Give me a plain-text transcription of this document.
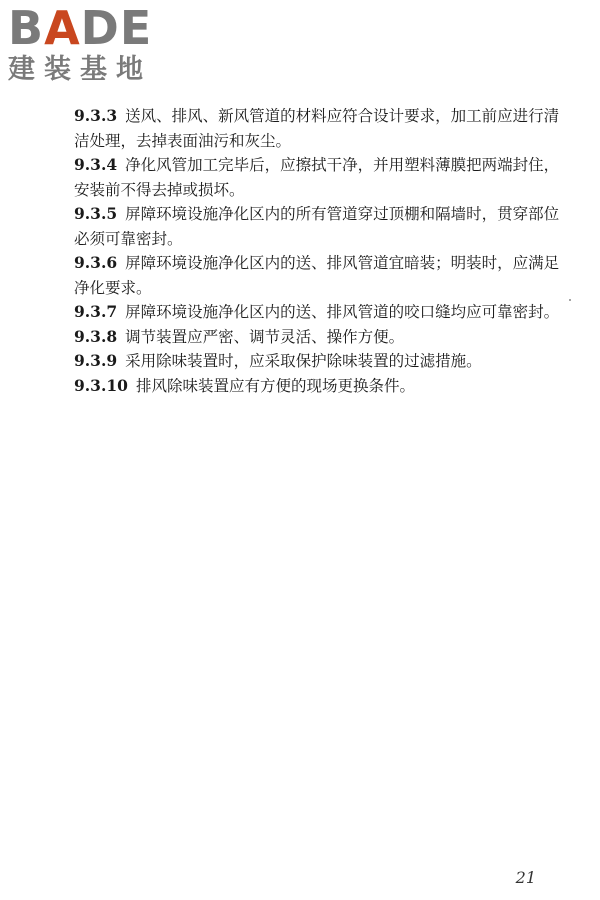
BADE
建装基地

9.3.3 送风、排风、新风管道的材料应符合设计要求，加工前应进行清洁处理，去掉表面油污和灰尘。

9.3.4 净化风管加工完毕后，应擦拭干净，并用塑料薄膜把两端封住，安装前不得去掉或损坏。

9.3.5 屏障环境设施净化区内的所有管道穿过顶棚和隔墙时，贯穿部位必须可靠密封。

9.3.6 屏障环境设施净化区内的送、排风管道宜暗装；明装时，应满足净化要求。

9.3.7 屏障环境设施净化区内的送、排风管道的咬口缝均应可靠密封。

9.3.8 调节装置应严密、调节灵活、操作方便。

9.3.9 采用除味装置时，应采取保护除味装置的过滤措施。

9.3.10 排风除味装置应有方便的现场更换条件。

21
